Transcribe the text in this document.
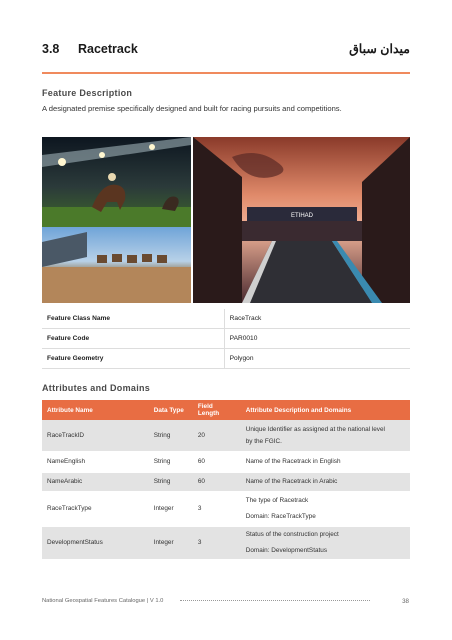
3.8 Racetrack	ميدان سباق
Feature Description
A designated premise specifically designed and built for racing pursuits and competitions.
ETIHAD
Feature Class Name	RaceTrack
Feature Code	PAR0010
Feature Geometry	Polygon
Attributes and Domains
Attribute Name	Data Type	Field Length	Attribute Description and Domains
RaceTrackID	String	20	Unique Identifier as assigned at the national level
by the FGIC.

NameEnglish	String	60	Name of the Racetrack in English
NameArabic	String	60	Name of the Racetrack in Arabic
RaceTrackType	Integer	3	The type of Racetrack
Domain: RaceTrackType

DevelopmentStatus	Integer	3	Status of the construction project
Domain: DevelopmentStatus
National Geospatial Features Catalogue | V 1.0	38
